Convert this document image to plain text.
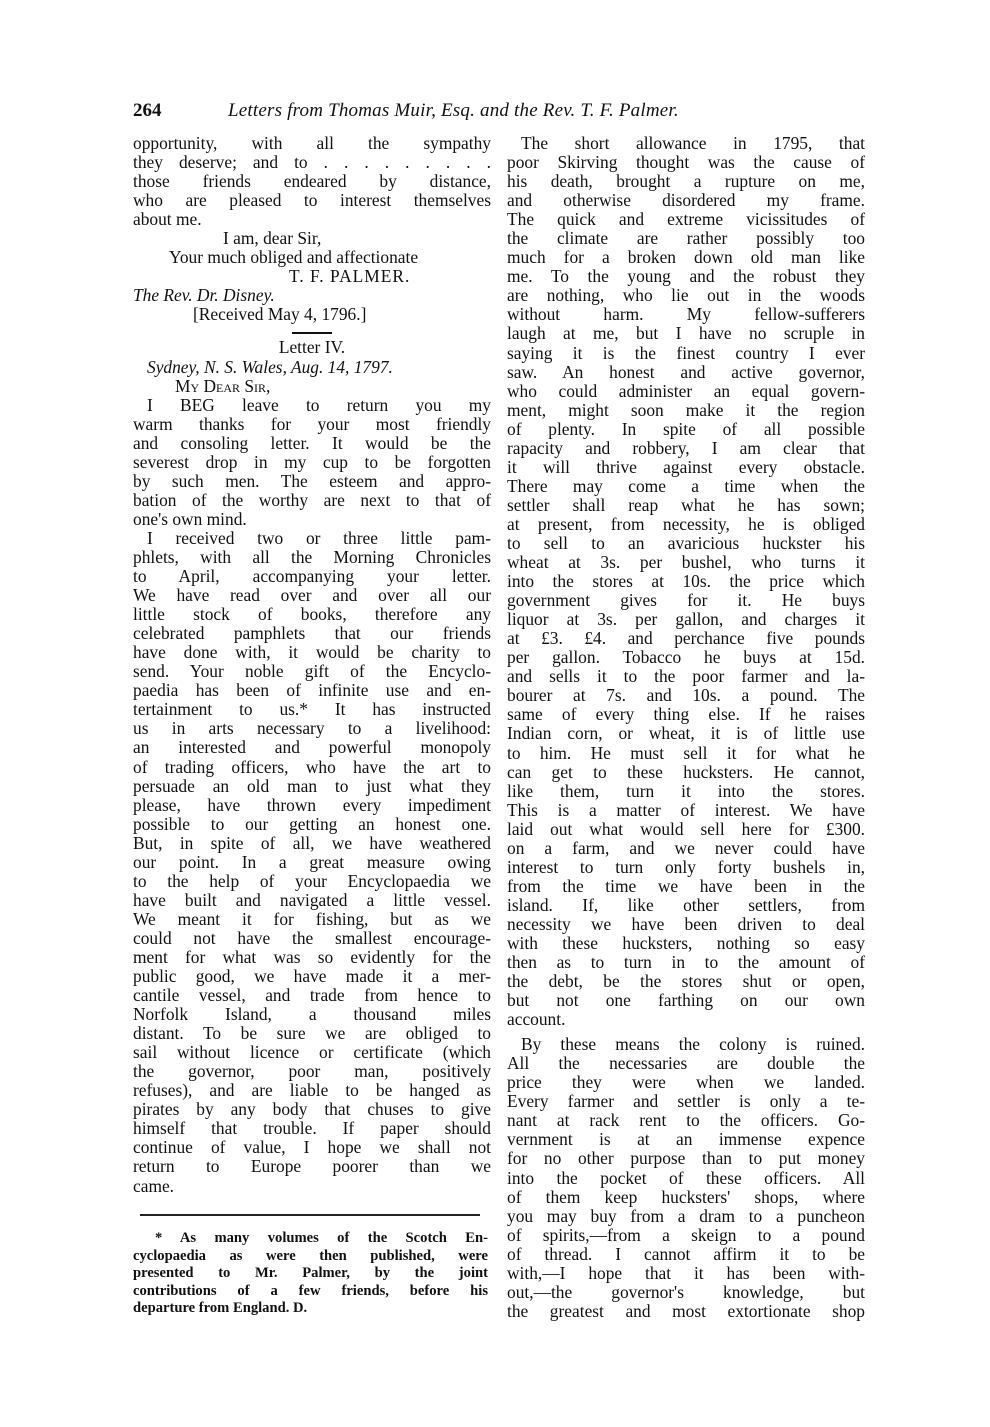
264	Letters from Thomas Muir, Esq. and the Rev. T. F. Palmer.
opportunity, with all the sympathy
they deserve; and to . . . . . . . . .
those friends endeared by distance,
who are pleased to interest themselves
about me.
I am, dear Sir,
Your much obliged and affectionate
T. F. PALMER.
The Rev. Dr. Disney.
[Received May 4, 1796.]
Letter IV.
Sydney, N. S. Wales, Aug. 14, 1797.
My Dear Sir,
I BEG leave to return you my
warm thanks for your most friendly
and consoling letter. It would be the
severest drop in my cup to be forgotten
by such men. The esteem and appro-
bation of the worthy are next to that of
one's own mind.
I received two or three little pam-
phlets, with all the Morning Chronicles
to April, accompanying your letter.
We have read over and over all our
little stock of books, therefore any
celebrated pamphlets that our friends
have done with, it would be charity to
send. Your noble gift of the Encyclo-
paedia has been of infinite use and en-
tertainment to us.* It has instructed
us in arts necessary to a livelihood:
an interested and powerful monopoly
of trading officers, who have the art to
persuade an old man to just what they
please, have thrown every impediment
possible to our getting an honest one.
But, in spite of all, we have weathered
our point. In a great measure owing
to the help of your Encyclopaedia we
have built and navigated a little vessel.
We meant it for fishing, but as we
could not have the smallest encourage-
ment for what was so evidently for the
public good, we have made it a mer-
cantile vessel, and trade from hence to
Norfolk Island, a thousand miles
distant. To be sure we are obliged to
sail without licence or certificate (which
the governor, poor man, positively
refuses), and are liable to be hanged as
pirates by any body that chuses to give
himself that trouble. If paper should
continue of value, I hope we shall not
return to Europe poorer than we
came.
* As many volumes of the Scotch En-
cyclopaedia as were then published, were
presented to Mr. Palmer, by the joint
contributions of a few friends, before his
departure from England. D.
The short allowance in 1795, that
poor Skirving thought was the cause of
his death, brought a rupture on me,
and otherwise disordered my frame.
The quick and extreme vicissitudes of
the climate are rather possibly too
much for a broken down old man like
me. To the young and the robust they
are nothing, who lie out in the woods
without harm. My fellow-sufferers
laugh at me, but I have no scruple in
saying it is the finest country I ever
saw. An honest and active governor,
who could administer an equal govern-
ment, might soon make it the region
of plenty. In spite of all possible
rapacity and robbery, I am clear that
it will thrive against every obstacle.
There may come a time when the
settler shall reap what he has sown;
at present, from necessity, he is obliged
to sell to an avaricious huckster his
wheat at 3s. per bushel, who turns it
into the stores at 10s. the price which
government gives for it. He buys
liquor at 3s. per gallon, and charges it
at £3. £4. and perchance five pounds
per gallon. Tobacco he buys at 15d.
and sells it to the poor farmer and la-
bourer at 7s. and 10s. a pound. The
same of every thing else. If he raises
Indian corn, or wheat, it is of little use
to him. He must sell it for what he
can get to these hucksters. He cannot,
like them, turn it into the stores.
This is a matter of interest. We have
laid out what would sell here for £300.
on a farm, and we never could have
interest to turn only forty bushels in,
from the time we have been in the
island. If, like other settlers, from
necessity we have been driven to deal
with these hucksters, nothing so easy
then as to turn in to the amount of
the debt, be the stores shut or open,
but not one farthing on our own
account.
By these means the colony is ruined.
All the necessaries are double the
price they were when we landed.
Every farmer and settler is only a te-
nant at rack rent to the officers. Go-
vernment is at an immense expence
for no other purpose than to put money
into the pocket of these officers. All
of them keep hucksters' shops, where
you may buy from a dram to a puncheon
of spirits,—from a skeign to a pound
of thread. I cannot affirm it to be
with,—I hope that it has been with-
out,—the governor's knowledge, but
the greatest and most extortionate shop
